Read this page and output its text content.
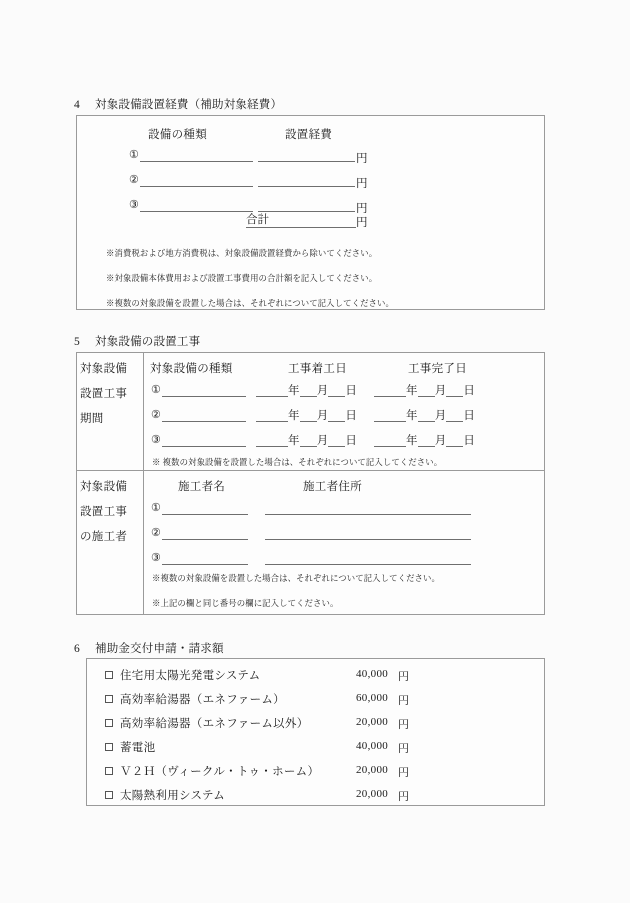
4	対象設備設置経費（補助対象経費）
設備の種類	設置経費
①	円
②	円
③	円
合計	円
※消費税および地方消費税は、対象設備設置経費から除いてください。
※対象設備本体費用および設置工事費用の合計額を記入してください。
※複数の対象設備を設置した場合は、それぞれについて記入してください。
5	対象設備の設置工事
対象設備
設置工事
期間
対象設備の種類	工事着工日	工事完了日
①	年 月 日	年 月 日
②	年 月 日	年 月 日
③	年 月 日	年 月 日
※ 複数の対象設備を設置した場合は、それぞれについて記入してください。
対象設備
設置工事
の施工者
施工者名	施工者住所
①
②
③
※複数の対象設備を設置した場合は、それぞれについて記入してください。
※上記の欄と同じ番号の欄に記入してください。
6	補助金交付申請・請求額
住宅用太陽光発電システム	40,000 円
高効率給湯器（エネファーム）	60,000 円
高効率給湯器（エネファーム以外）	20,000 円
蓄電池	40,000 円
Ｖ２Ｈ（ヴィークル・トゥ・ホーム）	20,000 円
太陽熱利用システム	20,000 円
